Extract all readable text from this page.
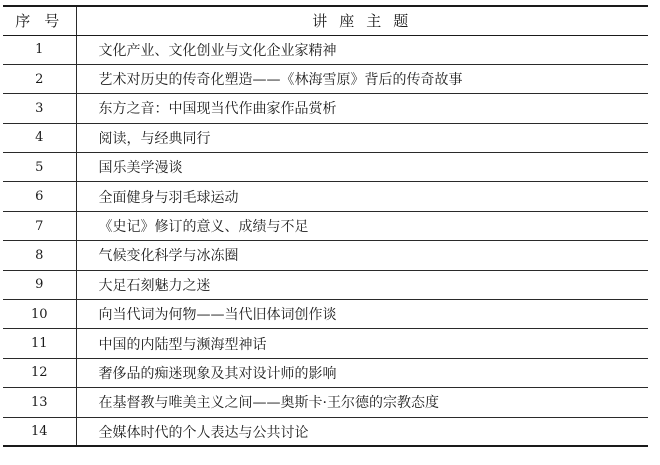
序号	讲座主题
1	文化产业、文化创业与文化企业家精神
2	艺术对历史的传奇化塑造——《林海雪原》背后的传奇故事
3	东方之音：中国现当代作曲家作品赏析
4	阅读，与经典同行
5	国乐美学漫谈
6	全面健身与羽毛球运动
7	《史记》修订的意义、成绩与不足
8	气候变化科学与冰冻圈
9	大足石刻魅力之迷
10	向当代词为何物——当代旧体词创作谈
11	中国的内陆型与濒海型神话
12	奢侈品的痴迷现象及其对设计师的影响
13	在基督教与唯美主义之间——奥斯卡·王尔德的宗教态度
14	全媒体时代的个人表达与公共讨论
